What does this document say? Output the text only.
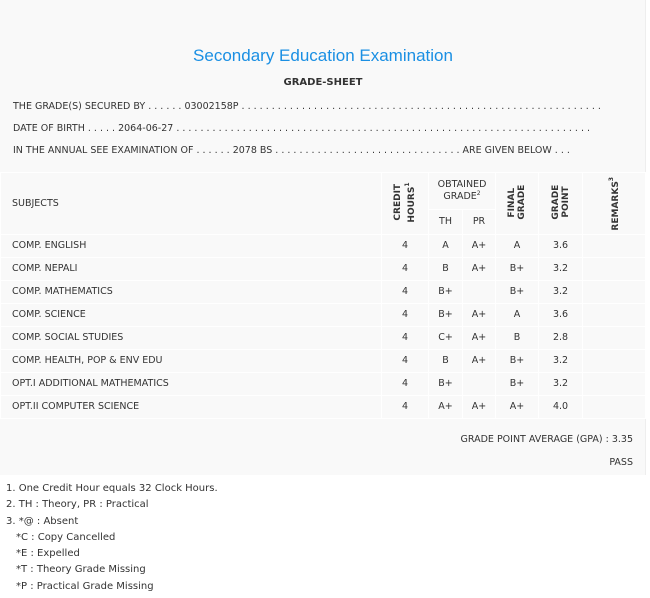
Secondary Education Examination
GRADE-SHEET
THE GRADE(S) SECURED BY . . . . . . 03002158P . . . . . . . . . . . . . . . . . . . . . . . . . . . . . . . . . . . . . . . . . . . . . . . . . . . . . . . . . . . .
DATE OF BIRTH . . . . . 2064-06-27 . . . . . . . . . . . . . . . . . . . . . . . . . . . . . . . . . . . . . . . . . . . . . . . . . . . . . . . . . . . . . . . . . . . . .
IN THE ANNUAL SEE EXAMINATION OF . . . . . . 2078 BS . . . . . . . . . . . . . . . . . . . . . . . . . . . . . . . ARE GIVEN BELOW . . .
SUBJECTS	CREDIT HOURS$^1$	OBTAINED GRADE$^2$		FINAL GRADE	GRADE POINT	REMARKS$^3$
		TH	PR			
COMP. ENGLISH	4	A	A+	A	3.6	
COMP. NEPALI	4	B	A+	B+	3.2	
COMP. MATHEMATICS	4	B+		B+	3.2	
COMP. SCIENCE	4	B+	A+	A	3.6	
COMP. SOCIAL STUDIES	4	C+	A+	B	2.8	
COMP. HEALTH, POP & ENV EDU	4	B	A+	B+	3.2	
OPT.I ADDITIONAL MATHEMATICS	4	B+		B+	3.2	
OPT.II COMPUTER SCIENCE	4	A+	A+	A+	4.0	
GRADE POINT AVERAGE (GPA) : 3.35
PASS
1. One Credit Hour equals 32 Clock Hours.
2. TH : Theory, PR : Practical
3. *@ : Absent
*C : Copy Cancelled
*E : Expelled
*T : Theory Grade Missing
*P : Practical Grade Missing
